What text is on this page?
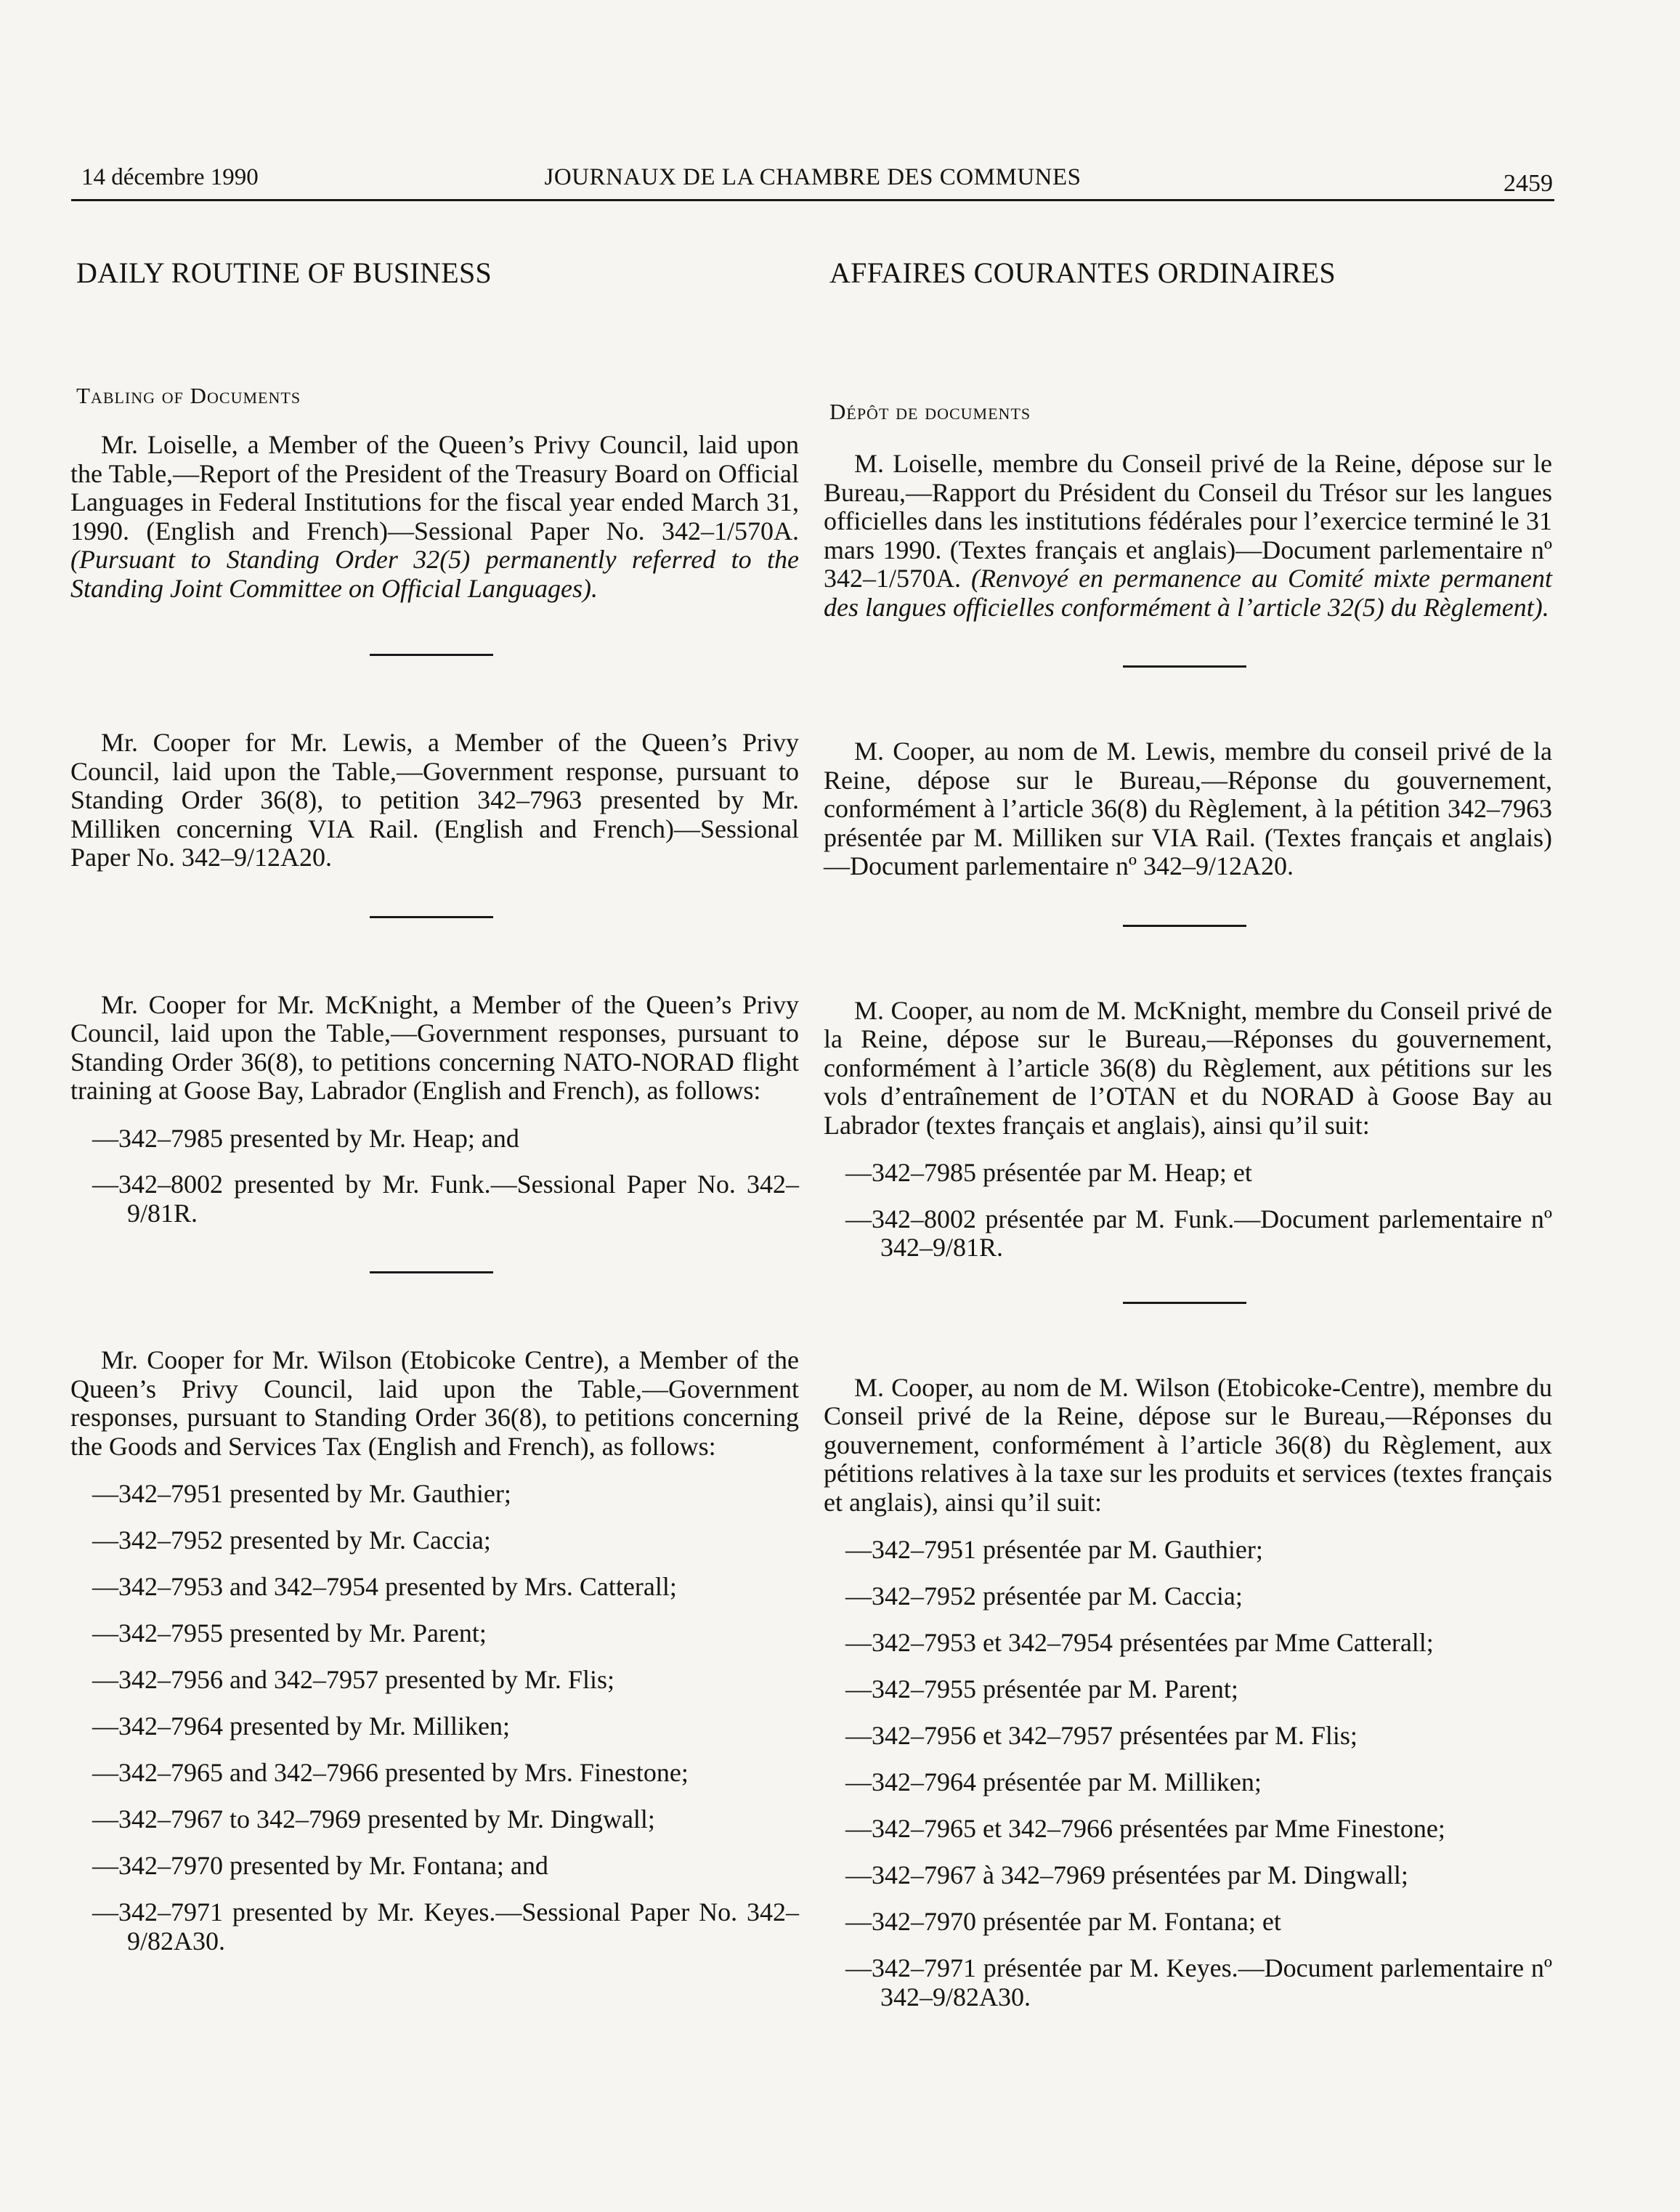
14 décembre 1990	JOURNAUX DE LA CHAMBRE DES COMMUNES	2459
DAILY ROUTINE OF BUSINESS
Tabling of Documents

Mr. Loiselle, a Member of the Queen’s Privy Council, laid upon the Table,—Report of the President of the Treasury Board on Official Languages in Federal Institutions for the fiscal year ended March 31, 1990. (English and French)—Sessional Paper No. 342–1/570A. (Pursuant to Standing Order 32(5) permanently referred to the Standing Joint Committee on Official Languages).

Mr. Cooper for Mr. Lewis, a Member of the Queen’s Privy Council, laid upon the Table,—Government response, pursuant to Standing Order 36(8), to petition 342–7963 presented by Mr. Milliken concerning VIA Rail. (English and French)—Sessional Paper No. 342–9/12A20.

Mr. Cooper for Mr. McKnight, a Member of the Queen’s Privy Council, laid upon the Table,—Government responses, pursuant to Standing Order 36(8), to petitions concerning NATO-NORAD flight training at Goose Bay, Labrador (English and French), as follows:

—342–7985 presented by Mr. Heap; and
—342–8002 presented by Mr. Funk.—Sessional Paper No. 342–9/81R.

Mr. Cooper for Mr. Wilson (Etobicoke Centre), a Member of the Queen’s Privy Council, laid upon the Table,—Government responses, pursuant to Standing Order 36(8), to petitions concerning the Goods and Services Tax (English and French), as follows:

—342–7951 presented by Mr. Gauthier;
—342–7952 presented by Mr. Caccia;
—342–7953 and 342–7954 presented by Mrs. Catterall;
—342–7955 presented by Mr. Parent;
—342–7956 and 342–7957 presented by Mr. Flis;
—342–7964 presented by Mr. Milliken;
—342–7965 and 342–7966 presented by Mrs. Finestone;
—342–7967 to 342–7969 presented by Mr. Dingwall;
—342–7970 presented by Mr. Fontana; and
—342–7971 presented by Mr. Keyes.—Sessional Paper No. 342–9/82A30.
AFFAIRES COURANTES ORDINAIRES
Dépôt de documents

M. Loiselle, membre du Conseil privé de la Reine, dépose sur le Bureau,—Rapport du Président du Conseil du Trésor sur les langues officielles dans les institutions fédérales pour l’exercice terminé le 31 mars 1990. (Textes français et anglais)—Document parlementaire nº 342–1/570A. (Renvoyé en permanence au Comité mixte permanent des langues officielles conformément à l’article 32(5) du Règlement).

M. Cooper, au nom de M. Lewis, membre du conseil privé de la Reine, dépose sur le Bureau,—Réponse du gouvernement, conformément à l’article 36(8) du Règlement, à la pétition 342–7963 présentée par M. Milliken sur VIA Rail. (Textes français et anglais)—Document parlementaire nº 342–9/12A20.

M. Cooper, au nom de M. McKnight, membre du Conseil privé de la Reine, dépose sur le Bureau,—Réponses du gouvernement, conformément à l’article 36(8) du Règlement, aux pétitions sur les vols d’entraînement de l’OTAN et du NORAD à Goose Bay au Labrador (textes français et anglais), ainsi qu’il suit:

—342–7985 présentée par M. Heap; et
—342–8002 présentée par M. Funk.—Document parlementaire nº 342–9/81R.

M. Cooper, au nom de M. Wilson (Etobicoke-Centre), membre du Conseil privé de la Reine, dépose sur le Bureau,—Réponses du gouvernement, conformément à l’article 36(8) du Règlement, aux pétitions relatives à la taxe sur les produits et services (textes français et anglais), ainsi qu’il suit:

—342–7951 présentée par M. Gauthier;
—342–7952 présentée par M. Caccia;
—342–7953 et 342–7954 présentées par Mme Catterall;
—342–7955 présentée par M. Parent;
—342–7956 et 342–7957 présentées par M. Flis;
—342–7964 présentée par M. Milliken;
—342–7965 et 342–7966 présentées par Mme Finestone;
—342–7967 à 342–7969 présentées par M. Dingwall;
—342–7970 présentée par M. Fontana; et
—342–7971 présentée par M. Keyes.—Document parlementaire nº 342–9/82A30.
